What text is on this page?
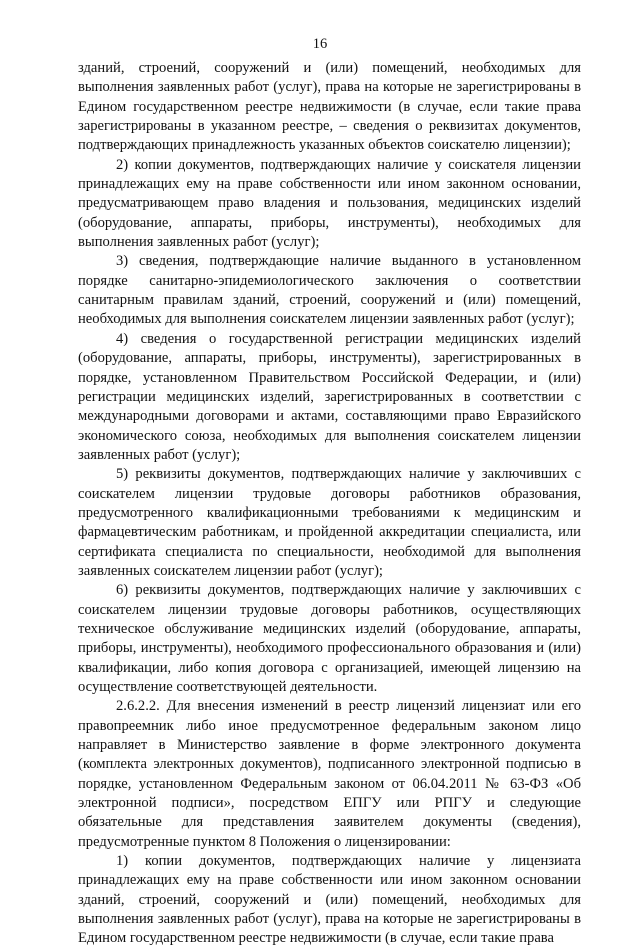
16

зданий, строений, сооружений и (или) помещений, необходимых для выполнения заявленных работ (услуг), права на которые не зарегистрированы в Едином государственном реестре недвижимости (в случае, если такие права зарегистрированы в указанном реестре, – сведения о реквизитах документов, подтверждающих принадлежность указанных объектов соискателю лицензии);

2) копии документов, подтверждающих наличие у соискателя лицензии принадлежащих ему на праве собственности или ином законном основании, предусматривающем право владения и пользования, медицинских изделий (оборудование, аппараты, приборы, инструменты), необходимых для выполнения заявленных работ (услуг);

3) сведения, подтверждающие наличие выданного в установленном порядке санитарно-эпидемиологического заключения о соответствии санитарным правилам зданий, строений, сооружений и (или) помещений, необходимых для выполнения соискателем лицензии заявленных работ (услуг);

4) сведения о государственной регистрации медицинских изделий (оборудование, аппараты, приборы, инструменты), зарегистрированных в порядке, установленном Правительством Российской Федерации, и (или) регистрации медицинских изделий, зарегистрированных в соответствии с международными договорами и актами, составляющими право Евразийского экономического союза, необходимых для выполнения соискателем лицензии заявленных работ (услуг);

5) реквизиты документов, подтверждающих наличие у заключивших с соискателем лицензии трудовые договоры работников образования, предусмотренного квалификационными требованиями к медицинским и фармацевтическим работникам, и пройденной аккредитации специалиста, или сертификата специалиста по специальности, необходимой для выполнения заявленных соискателем лицензии работ (услуг);

6) реквизиты документов, подтверждающих наличие у заключивших с соискателем лицензии трудовые договоры работников, осуществляющих техническое обслуживание медицинских изделий (оборудование, аппараты, приборы, инструменты), необходимого профессионального образования и (или) квалификации, либо копия договора с организацией, имеющей лицензию на осуществление соответствующей деятельности.

2.6.2.2. Для внесения изменений в реестр лицензий лицензиат или его правопреемник либо иное предусмотренное федеральным законом лицо направляет в Министерство заявление в форме электронного документа (комплекта электронных документов), подписанного электронной подписью в порядке, установленном Федеральным законом от 06.04.2011 № 63-ФЗ «Об электронной подписи», посредством ЕПГУ или РПГУ и следующие обязательные для представления заявителем документы (сведения), предусмотренные пунктом 8 Положения о лицензировании:

1) копии документов, подтверждающих наличие у лицензиата принадлежащих ему на праве собственности или ином законном основании зданий, строений, сооружений и (или) помещений, необходимых для выполнения заявленных работ (услуг), права на которые не зарегистрированы в Едином государственном реестре недвижимости (в случае, если такие права
